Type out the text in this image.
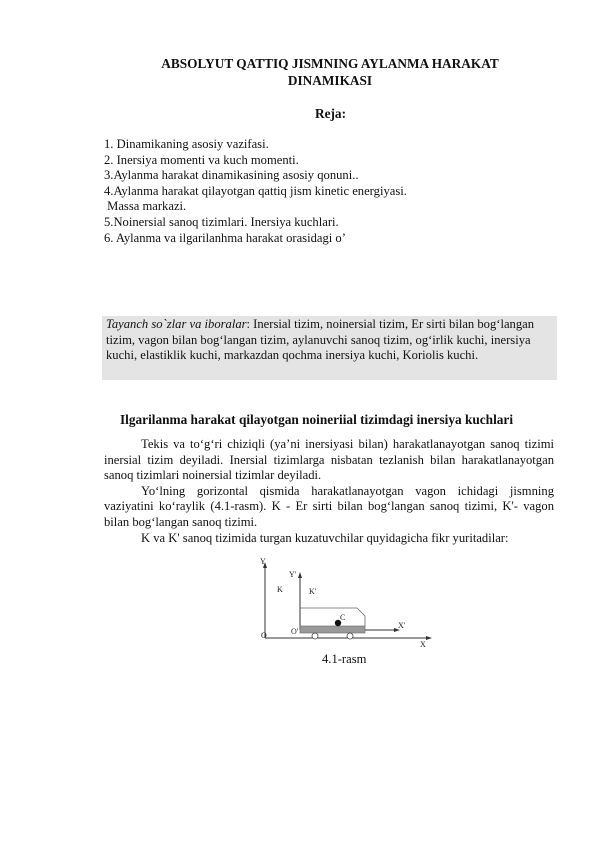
ABSOLYUT QATTIQ JISMNING AYLANMA HARAKAT DINAMIKASI
Reja:
1. Dinamikaning asosiy vazifasi.
2. Inersiya momenti va kuch momenti.
3.Aylanma harakat dinamikasining asosiy qonuni..
4.Aylanma harakat qilayotgan qattiq jism kinetic energiyasi.
Massa markazi.
5.Noinersial sanoq tizimlari. Inersiya kuchlari.
6. Aylanma va ilgarilanhma harakat orasidagi o’
Tayanch so`zlar va iboralar: Inersial tizim, noinersial tizim, Er sirti bilan bog‘langan tizim, vagon bilan bog‘langan tizim, aylanuvchi sanoq tizim, og‘irlik kuchi, inersiya kuchi, elastiklik kuchi, markazdan qochma inersiya kuchi, Koriolis kuchi.
Ilgarilanma harakat qilayotgan noineriial tizimdagi inersiya kuchlari

Tekis va to‘g‘ri chiziqli (ya’ni inersiyasi bilan) harakatlanayotgan sanoq tizimi inersial tizim deyiladi. Inersial tizimlarga nisbatan tezlanish bilan harakatlanayotgan sanoq tizimlari noinersial tizimlar deyiladi.

Yo‘lning gorizontal qismida harakatlanayotgan vagon ichidagi jismning vaziyatini ko‘raylik (4.1-rasm). K - Er sirti bilan bog‘langan sanoq tizimi, K'- vagon bilan bog‘langan sanoq tizimi.

K va K' sanoq tizimida turgan kuzatuvchilar quyidagicha fikr yuritadilar:

Y
Y'
K	K'
C
X'
O	O'
X
4.1-rasm
